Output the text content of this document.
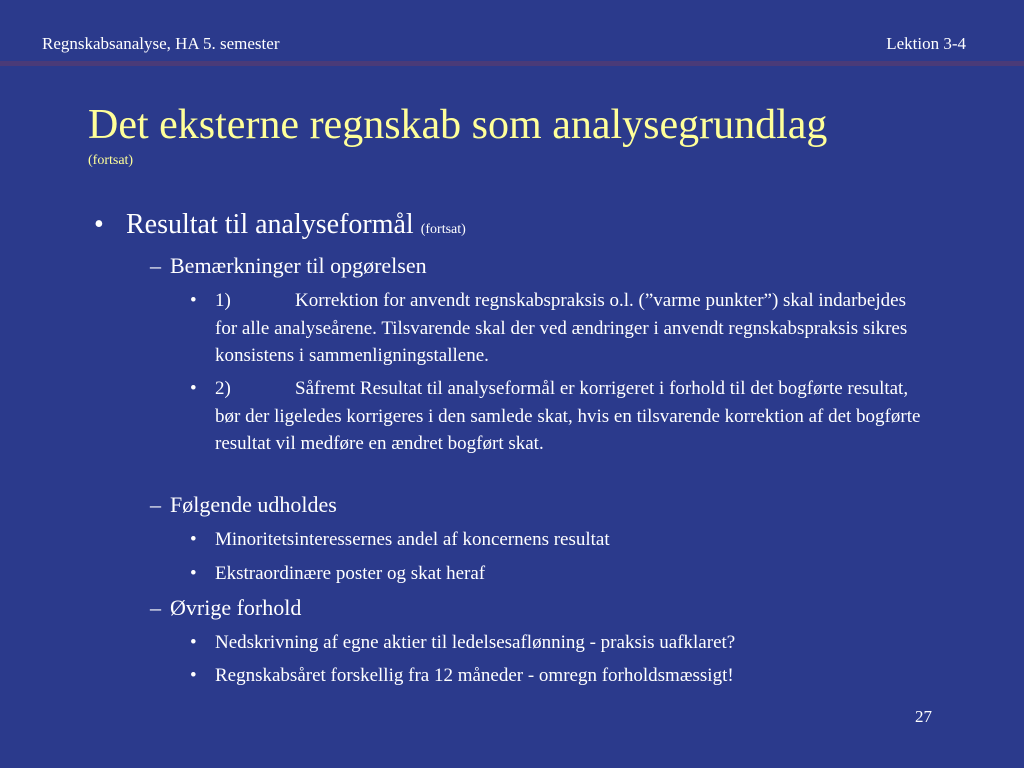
Regnskabsanalyse, HA 5. semester	Lektion 3-4
Det eksterne regnskab som analysegrundlag
(fortsat)
• Resultat til analyseformål (fortsat)
– Bemærkninger til opgørelsen
• 1)	Korrektion for anvendt regnskabspraksis o.l. (”varme punkter”) skal indarbejdes for alle analyseårene. Tilsvarende skal der ved ændringer i anvendt regnskabspraksis sikres konsistens i sammenligningstallene.
• 2)	Såfremt Resultat til analyseformål er korrigeret i forhold til det bogførte resultat, bør der ligeledes korrigeres i den samlede skat, hvis en tilsvarende korrektion af det bogførte resultat vil medføre en ændret bogført skat.
– Følgende udholdes
• Minoritetsinteressernes andel af koncernens resultat
• Ekstraordinære poster og skat heraf
– Øvrige forhold
• Nedskrivning af egne aktier til ledelsesaflønning - praksis uafklaret?
• Regnskabsåret forskellig fra 12 måneder - omregn forholdsmæssigt!
27
